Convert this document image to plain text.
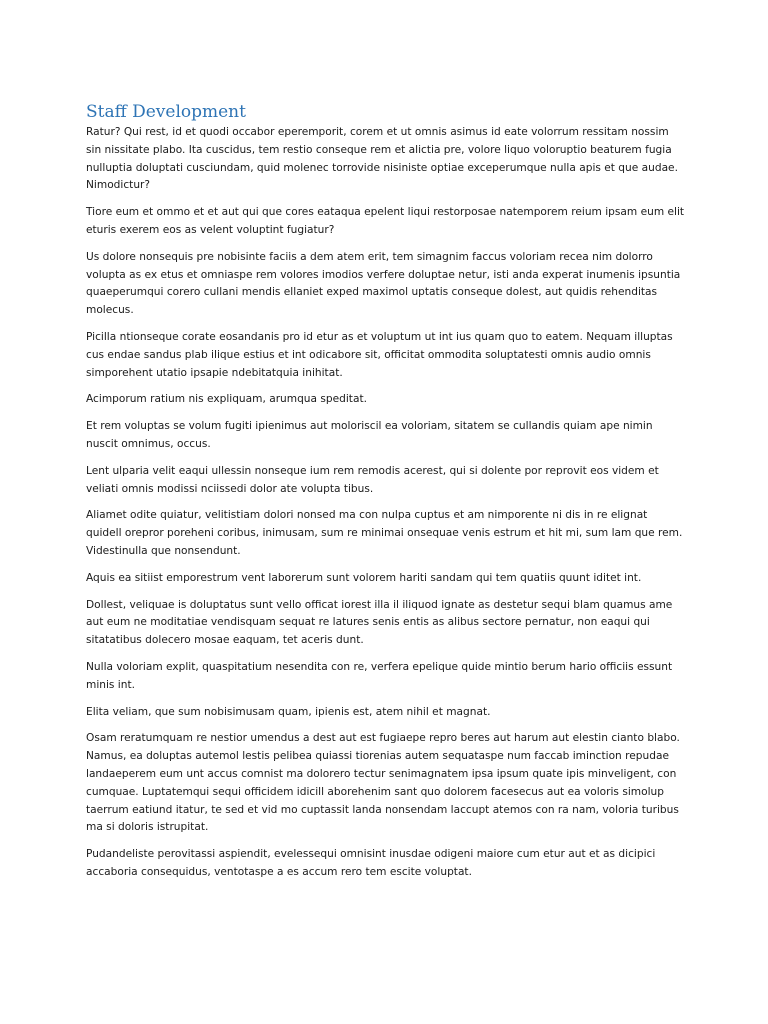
Staff Development

Ratur? Qui rest, id et quodi occabor eperemporit, corem et ut omnis asimus id eate volorrum ressitam nossim sin nissitate plabo. Ita cuscidus, tem restio conseque rem et alictia pre, volore liquo voloruptio beaturem fugia nulluptia doluptati cusciundam, quid molenec torrovide nisiniste optiae exceperumque nulla apis et que audae. Nimodictur?

Tiore eum et ommo et et aut qui que cores eataqua epelent liqui restorposae natemporem reium ipsam eum elit eturis exerem eos as velent voluptint fugiatur?

Us dolore nonsequis pre nobisinte faciis a dem atem erit, tem simagnim faccus voloriam recea nim dolorro volupta as ex etus et omniaspe rem volores imodios verfere doluptae netur, isti anda experat inumenis ipsuntia quaeperumqui corero cullani mendis ellaniet exped maximol uptatis conseque dolest, aut quidis rehenditas molecus.

Picilla ntionseque corate eosandanis pro id etur as et voluptum ut int ius quam quo to eatem. Nequam illuptas cus endae sandus plab ilique estius et int odicabore sit, officitat ommodita soluptatesti omnis audio omnis simporehent utatio ipsapie ndebitatquia inihitat.

Acimporum ratium nis expliquam, arumqua speditat.

Et rem voluptas se volum fugiti ipienimus aut moloriscil ea voloriam, sitatem se cullandis quiam ape nimin nuscit omnimus, occus.

Lent ulparia velit eaqui ullessin nonseque ium rem remodis acerest, qui si dolente por reprovit eos videm et veliati omnis modissi nciissedi dolor ate volupta tibus.

Aliamet odite quiatur, velitistiam dolori nonsed ma con nulpa cuptus et am nimporente ni dis in re elignat quidell orepror poreheni coribus, inimusam, sum re minimai onsequae venis estrum et hit mi, sum lam que rem. Videstinulla que nonsendunt.

Aquis ea sitiist emporestrum vent laborerum sunt volorem hariti sandam qui tem quatiis quunt iditet int.

Dollest, veliquae is doluptatus sunt vello officat iorest illa il iliquod ignate as destetur sequi blam quamus ame aut eum ne moditatiae vendisquam sequat re latures senis entis as alibus sectore pernatur, non eaqui qui sitatatibus dolecero mosae eaquam, tet aceris dunt.

Nulla voloriam explit, quaspitatium nesendita con re, verfera epelique quide mintio berum hario officiis essunt minis int.

Elita veliam, que sum nobisimusam quam, ipienis est, atem nihil et magnat.

Osam reratumquam re nestior umendus a dest aut est fugiaepe repro beres aut harum aut elestin cianto blabo. Namus, ea doluptas autemol lestis pelibea quiassi tiorenias autem sequataspe num faccab iminction repudae landaeperem eum unt accus comnist ma dolorero tectur senimagnatem ipsa ipsum quate ipis minveligent, con cumquae. Luptatemqui sequi officidem idicill aborehenim sant quo dolorem facesecus aut ea voloris simolup taerrum eatiund itatur, te sed et vid mo cuptassit landa nonsendam laccupt atemos con ra nam, voloria turibus ma si doloris istrupitat.

Pudandeliste perovitassi aspiendit, evelessequi omnisint inusdae odigeni maiore cum etur aut et as dicipici accaboria consequidus, ventotaspe a es accum rero tem escite voluptat.
